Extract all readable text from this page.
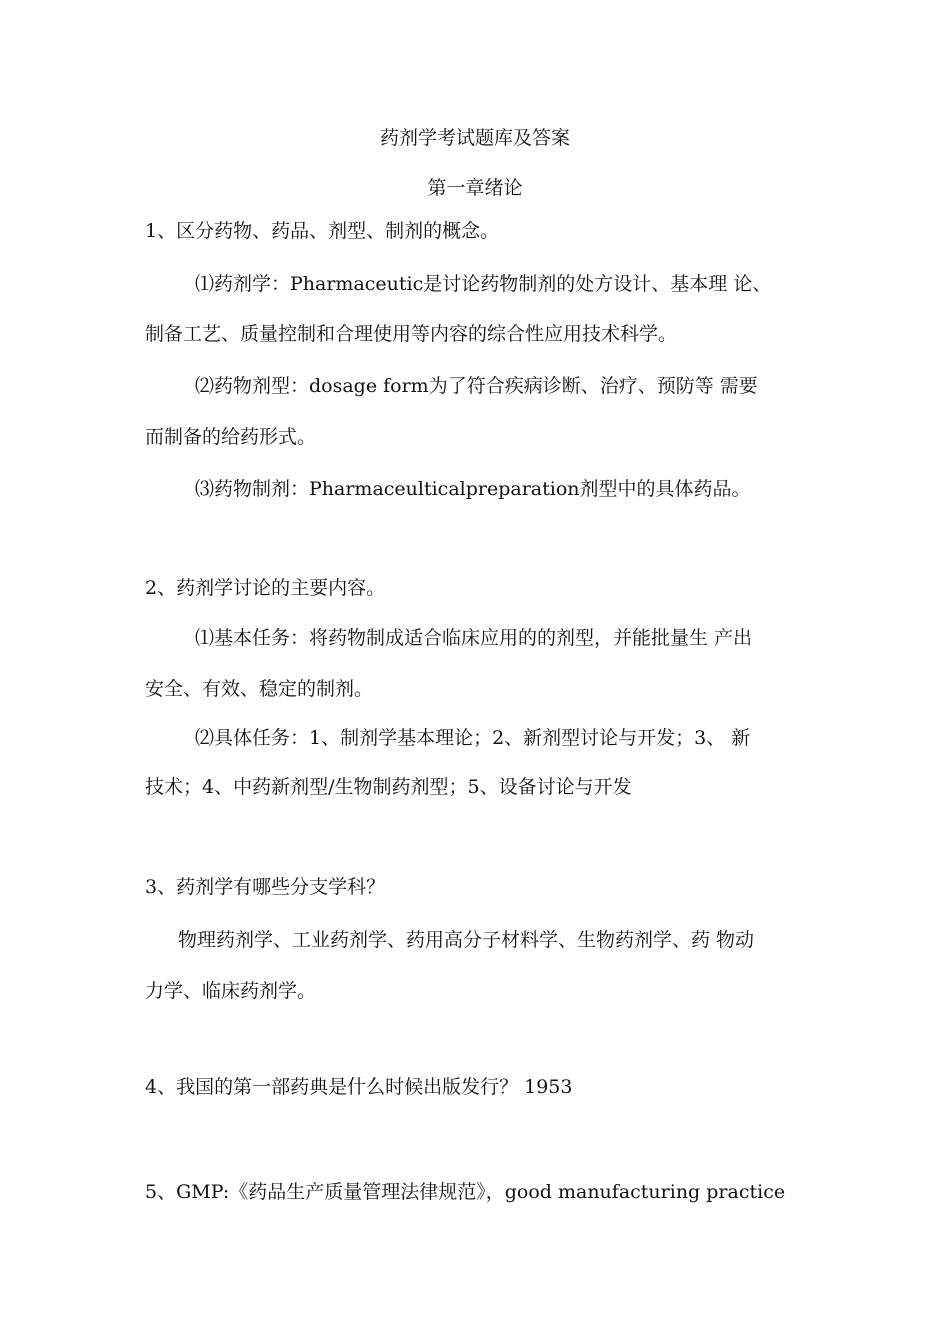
药剂学考试题库及答案
第一章绪论
1、区分药物、药品、剂型、制剂的概念。
⑴药剂学：Pharmaceutic是讨论药物制剂的处方设计、基本理 论、
制备工艺、质量控制和合理使用等内容的综合性应用技术科学。
⑵药物剂型：dosage form为了符合疾病诊断、治疗、预防等 需要
而制备的给药形式。
⑶药物制剂：Pharmaceulticalpreparation剂型中的具体药品。
2、药剂学讨论的主要内容。
⑴基本任务：将药物制成适合临床应用的的剂型，并能批量生 产出
安全、有效、稳定的制剂。
⑵具体任务：1、制剂学基本理论；2、新剂型讨论与开发；3、 新
技术；4、中药新剂型/生物制药剂型；5、设备讨论与开发
3、药剂学有哪些分支学科？
物理药剂学、工业药剂学、药用高分子材料学、生物药剂学、药 物动
力学、临床药剂学。
4、我国的第一部药典是什么时候出版发行？ 1953
5、GMP:《药品生产质量管理法律规范》，good manufacturing practice
